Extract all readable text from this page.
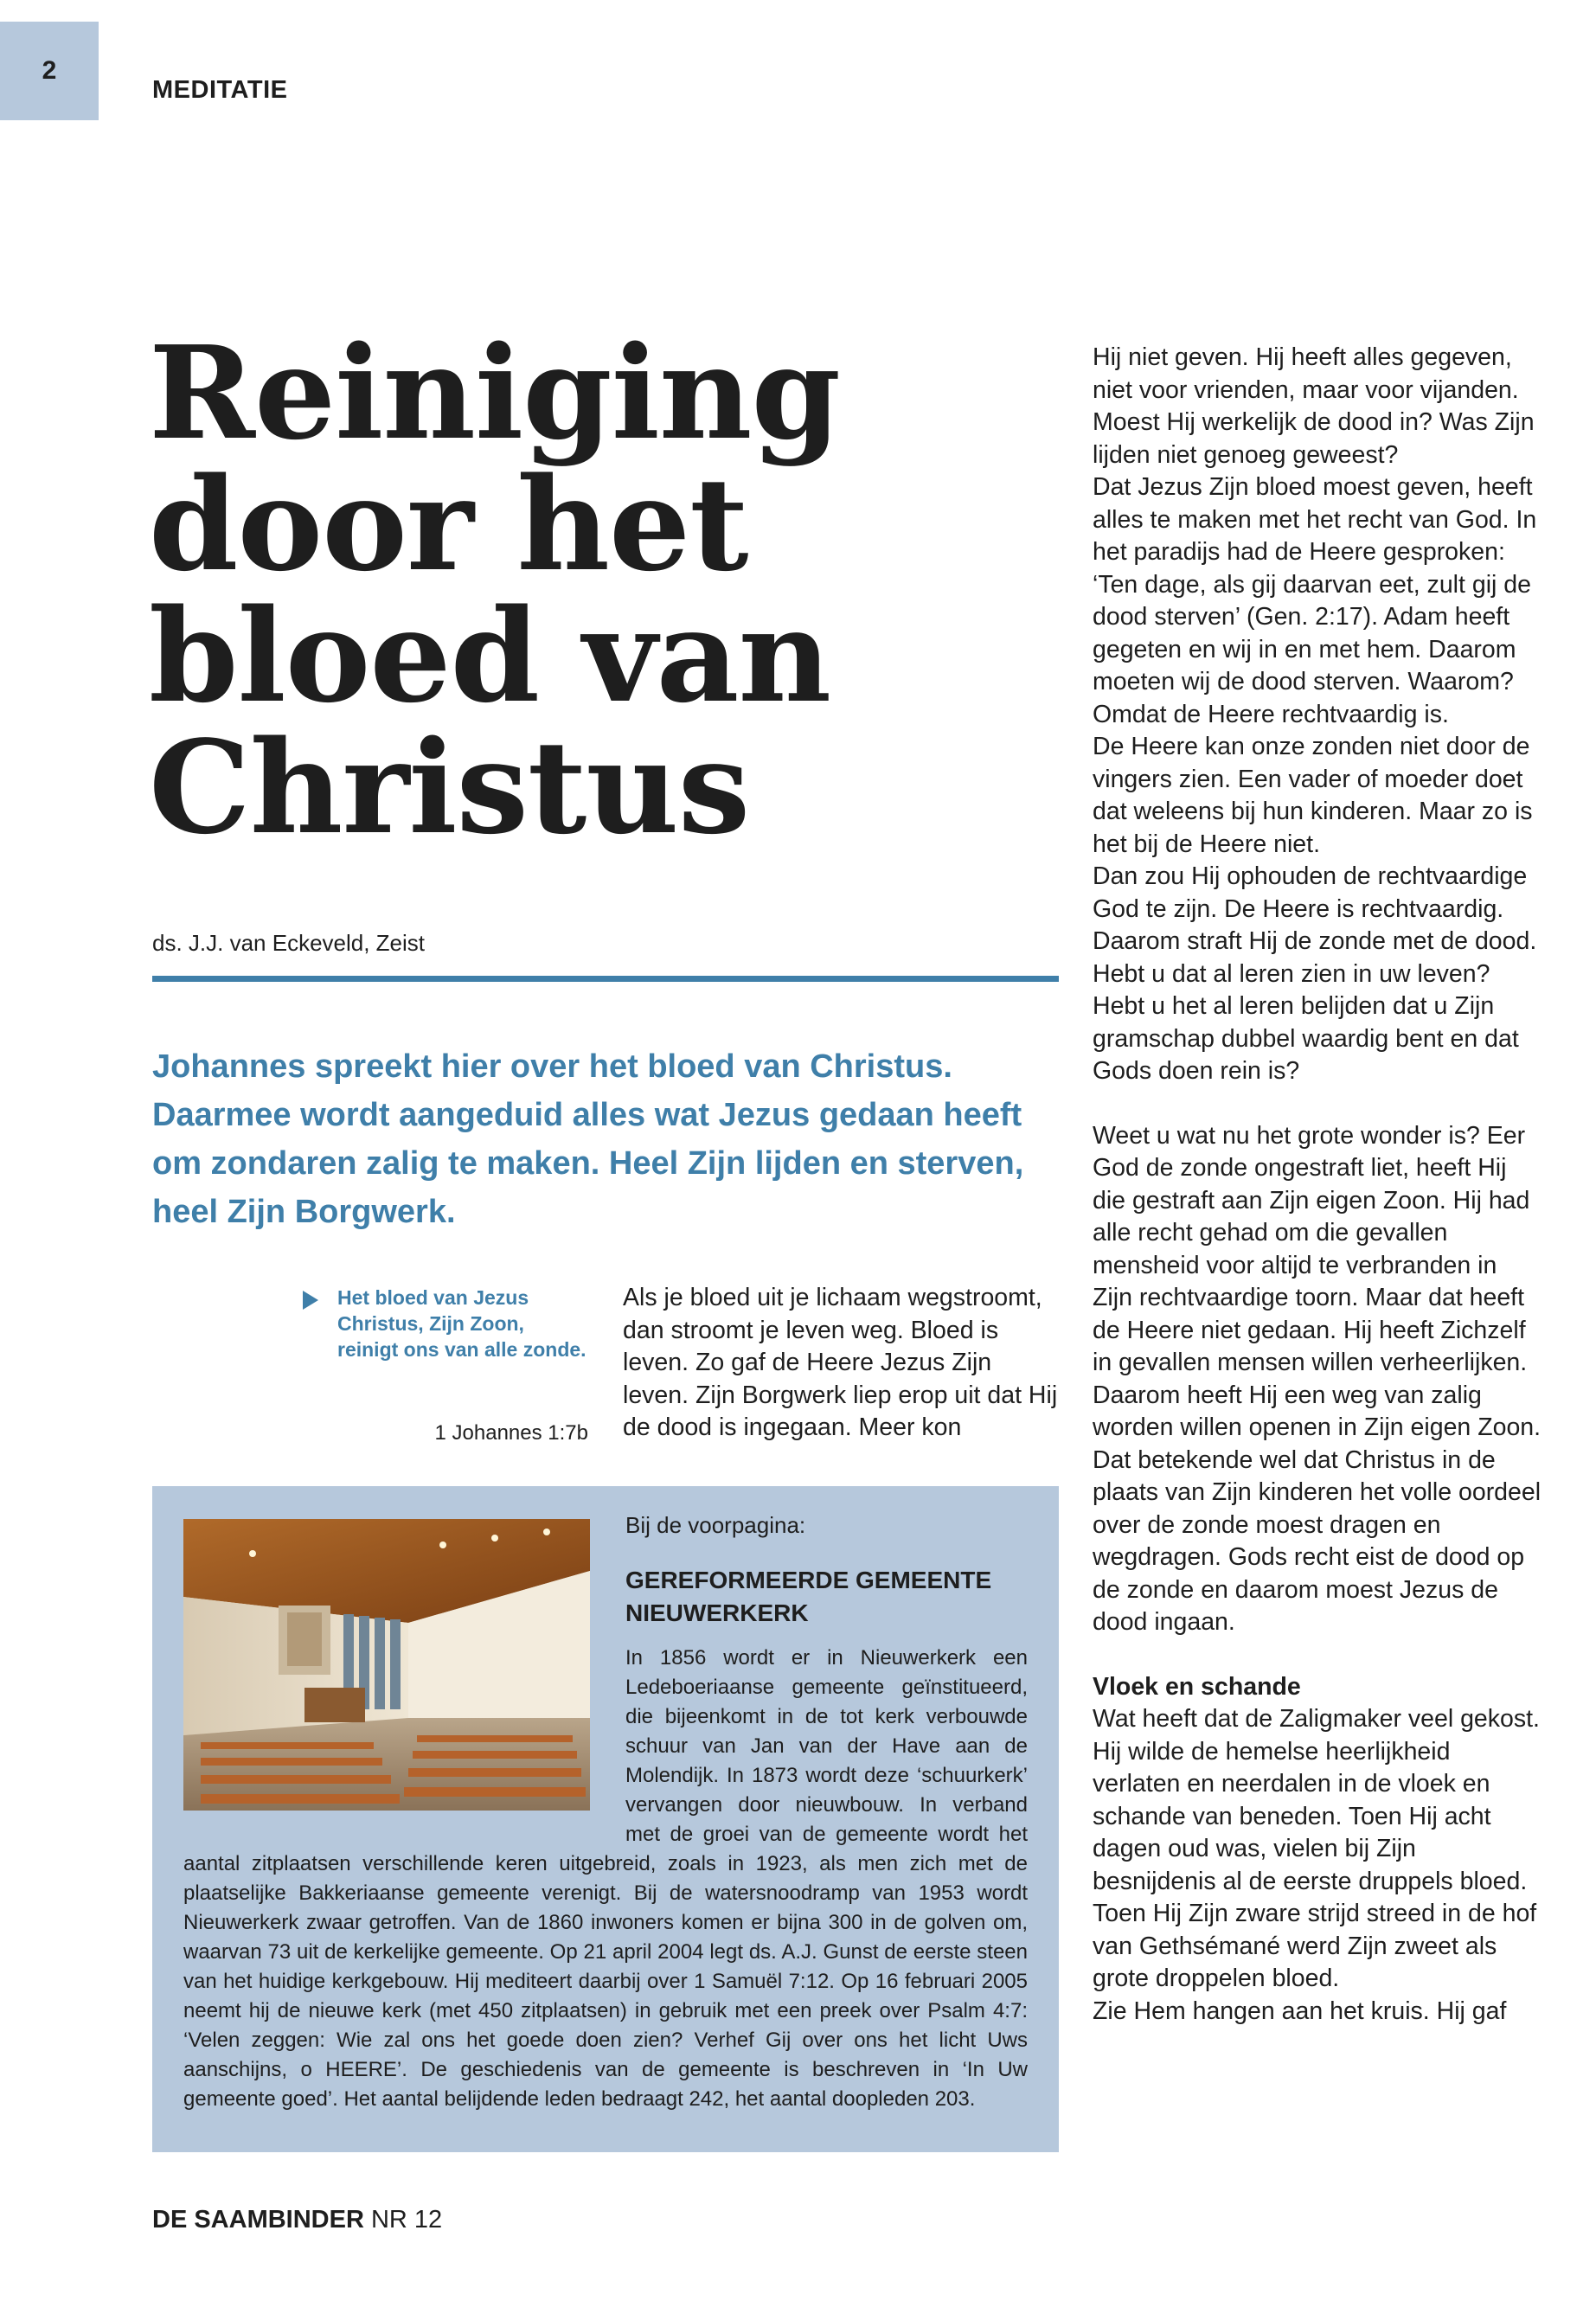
2
MEDITATIE
Reiniging
door het
bloed van
Christus
ds. J.J. van Eckeveld, Zeist

Johannes spreekt hier over het bloed van Christus. Daarmee wordt aangeduid alles wat Jezus gedaan heeft om zondaren zalig te maken. Heel Zijn lijden en sterven, heel Zijn Borgwerk.

Het bloed van Jezus Christus, Zijn Zoon, reinigt ons van alle zonde.
1 Johannes 1:7b
Als je bloed uit je lichaam wegstroomt, dan stroomt je leven weg. Bloed is leven. Zo gaf de Heere Jezus Zijn leven. Zijn Borgwerk liep erop uit dat Hij de dood is ingegaan. Meer kon

Hij niet geven. Hij heeft alles gegeven, niet voor vrienden, maar voor vijanden.

Moest Hij werkelijk de dood in? Was Zijn lijden niet genoeg geweest?

Dat Jezus Zijn bloed moest geven, heeft alles te maken met het recht van God. In het paradijs had de Heere gesproken: ‘Ten dage, als gij daarvan eet, zult gij de dood sterven’ (Gen. 2:17). Adam heeft gegeten en wij in en met hem. Daarom moeten wij de dood sterven. Waarom? Omdat de Heere rechtvaardig is.

De Heere kan onze zonden niet door de vingers zien. Een vader of moeder doet dat weleens bij hun kinderen. Maar zo is het bij de Heere niet.

Dan zou Hij ophouden de rechtvaardige God te zijn. De Heere is rechtvaardig. Daarom straft Hij de zonde met de dood. Hebt u dat al leren zien in uw leven? Hebt u het al leren belijden dat u Zijn gramschap dubbel waardig bent en dat Gods doen rein is?

Weet u wat nu het grote wonder is? Eer God de zonde ongestraft liet, heeft Hij die gestraft aan Zijn eigen Zoon. Hij had alle recht gehad om die gevallen mensheid voor altijd te verbranden in Zijn rechtvaardige toorn. Maar dat heeft de Heere niet gedaan. Hij heeft Zichzelf in gevallen mensen willen verheerlijken. Daarom heeft Hij een weg van zalig worden willen openen in Zijn eigen Zoon.

Dat betekende wel dat Christus in de plaats van Zijn kinderen het volle oordeel over de zonde moest dragen en wegdragen. Gods recht eist de dood op de zonde en daarom moest Jezus de dood ingaan.

Vloek en schande

Wat heeft dat de Zaligmaker veel gekost. Hij wilde de hemelse heerlijkheid verlaten en neerdalen in de vloek en schande van beneden. Toen Hij acht dagen oud was, vielen bij Zijn besnijdenis al de eerste druppels bloed. Toen Hij Zijn zware strijd streed in de hof van Gethsémané werd Zijn zweet als grote droppelen bloed.

Zie Hem hangen aan het kruis. Hij gaf

Bij de voorpagina:
GEREFORMEERDE GEMEENTE NIEUWERKERK

In 1856 wordt er in Nieuwerkerk een Ledeboeriaanse gemeente geïnstitueerd, die bijeenkomt in de tot kerk verbouwde schuur van Jan van der Have aan de Molendijk. In 1873 wordt deze ‘schuurkerk’ vervangen door nieuwbouw. In verband met de groei van de gemeente wordt het aantal zitplaatsen verschillende keren uitgebreid, zoals in 1923, als men zich met de plaatselijke Bakkeriaanse gemeente verenigt. Bij de watersnoodramp van 1953 wordt Nieuwerkerk zwaar getroffen. Van de 1860 inwoners komen er bijna 300 in de golven om, waarvan 73 uit de kerkelijke gemeente. Op 21 april 2004 legt ds. A.J. Gunst de eerste steen van het huidige kerkgebouw. Hij mediteert daarbij over 1 Samuël 7:12. Op 16 februari 2005 neemt hij de nieuwe kerk (met 450 zitplaatsen) in gebruik met een preek over Psalm 4:7: ‘Velen zeggen: Wie zal ons het goede doen zien? Verhef Gij over ons het licht Uws aanschijns, o HEERE’. De geschiedenis van de gemeente is beschreven in ‘In Uw gemeente goed’. Het aantal belijdende leden bedraagt 242, het aantal doopleden 203.

DE SAAMBINDER NR 12
